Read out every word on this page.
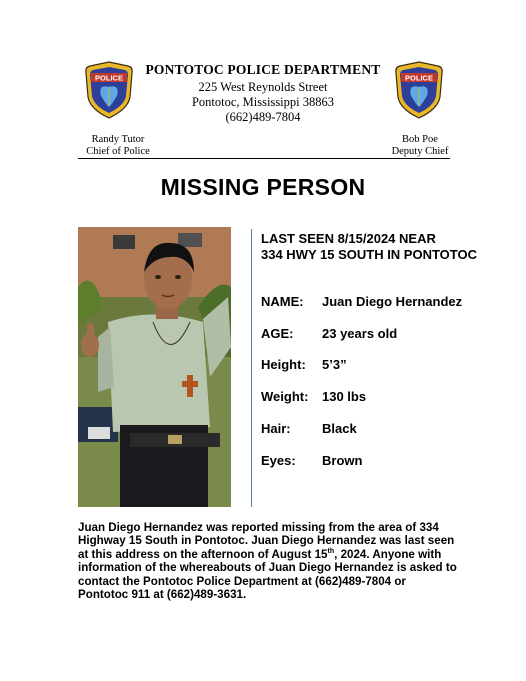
POLICE
PONTOTOC POLICE DEPARTMENT
225 West Reynolds Street
Pontotoc, Mississippi 38863
(662)489-7804
POLICE
Randy Tutor
Chief of Police
Bob Poe
Deputy Chief
MISSING PERSON
LAST SEEN 8/15/2024 NEAR
334 HWY 15 SOUTH IN PONTOTOC
NAME: Juan Diego Hernandez
AGE: 23 years old
Height: 5’3”
Weight: 130 lbs
Hair: Black
Eyes: Brown
Juan Diego Hernandez was reported missing from the area of 334 Highway 15 South in Pontotoc. Juan Diego Hernandez was last seen at this address on the afternoon of August 15th, 2024. Anyone with information of the whereabouts of Juan Diego Hernandez is asked to contact the Pontotoc Police Department at (662)489-7804 or Pontotoc 911 at (662)489-3631.
